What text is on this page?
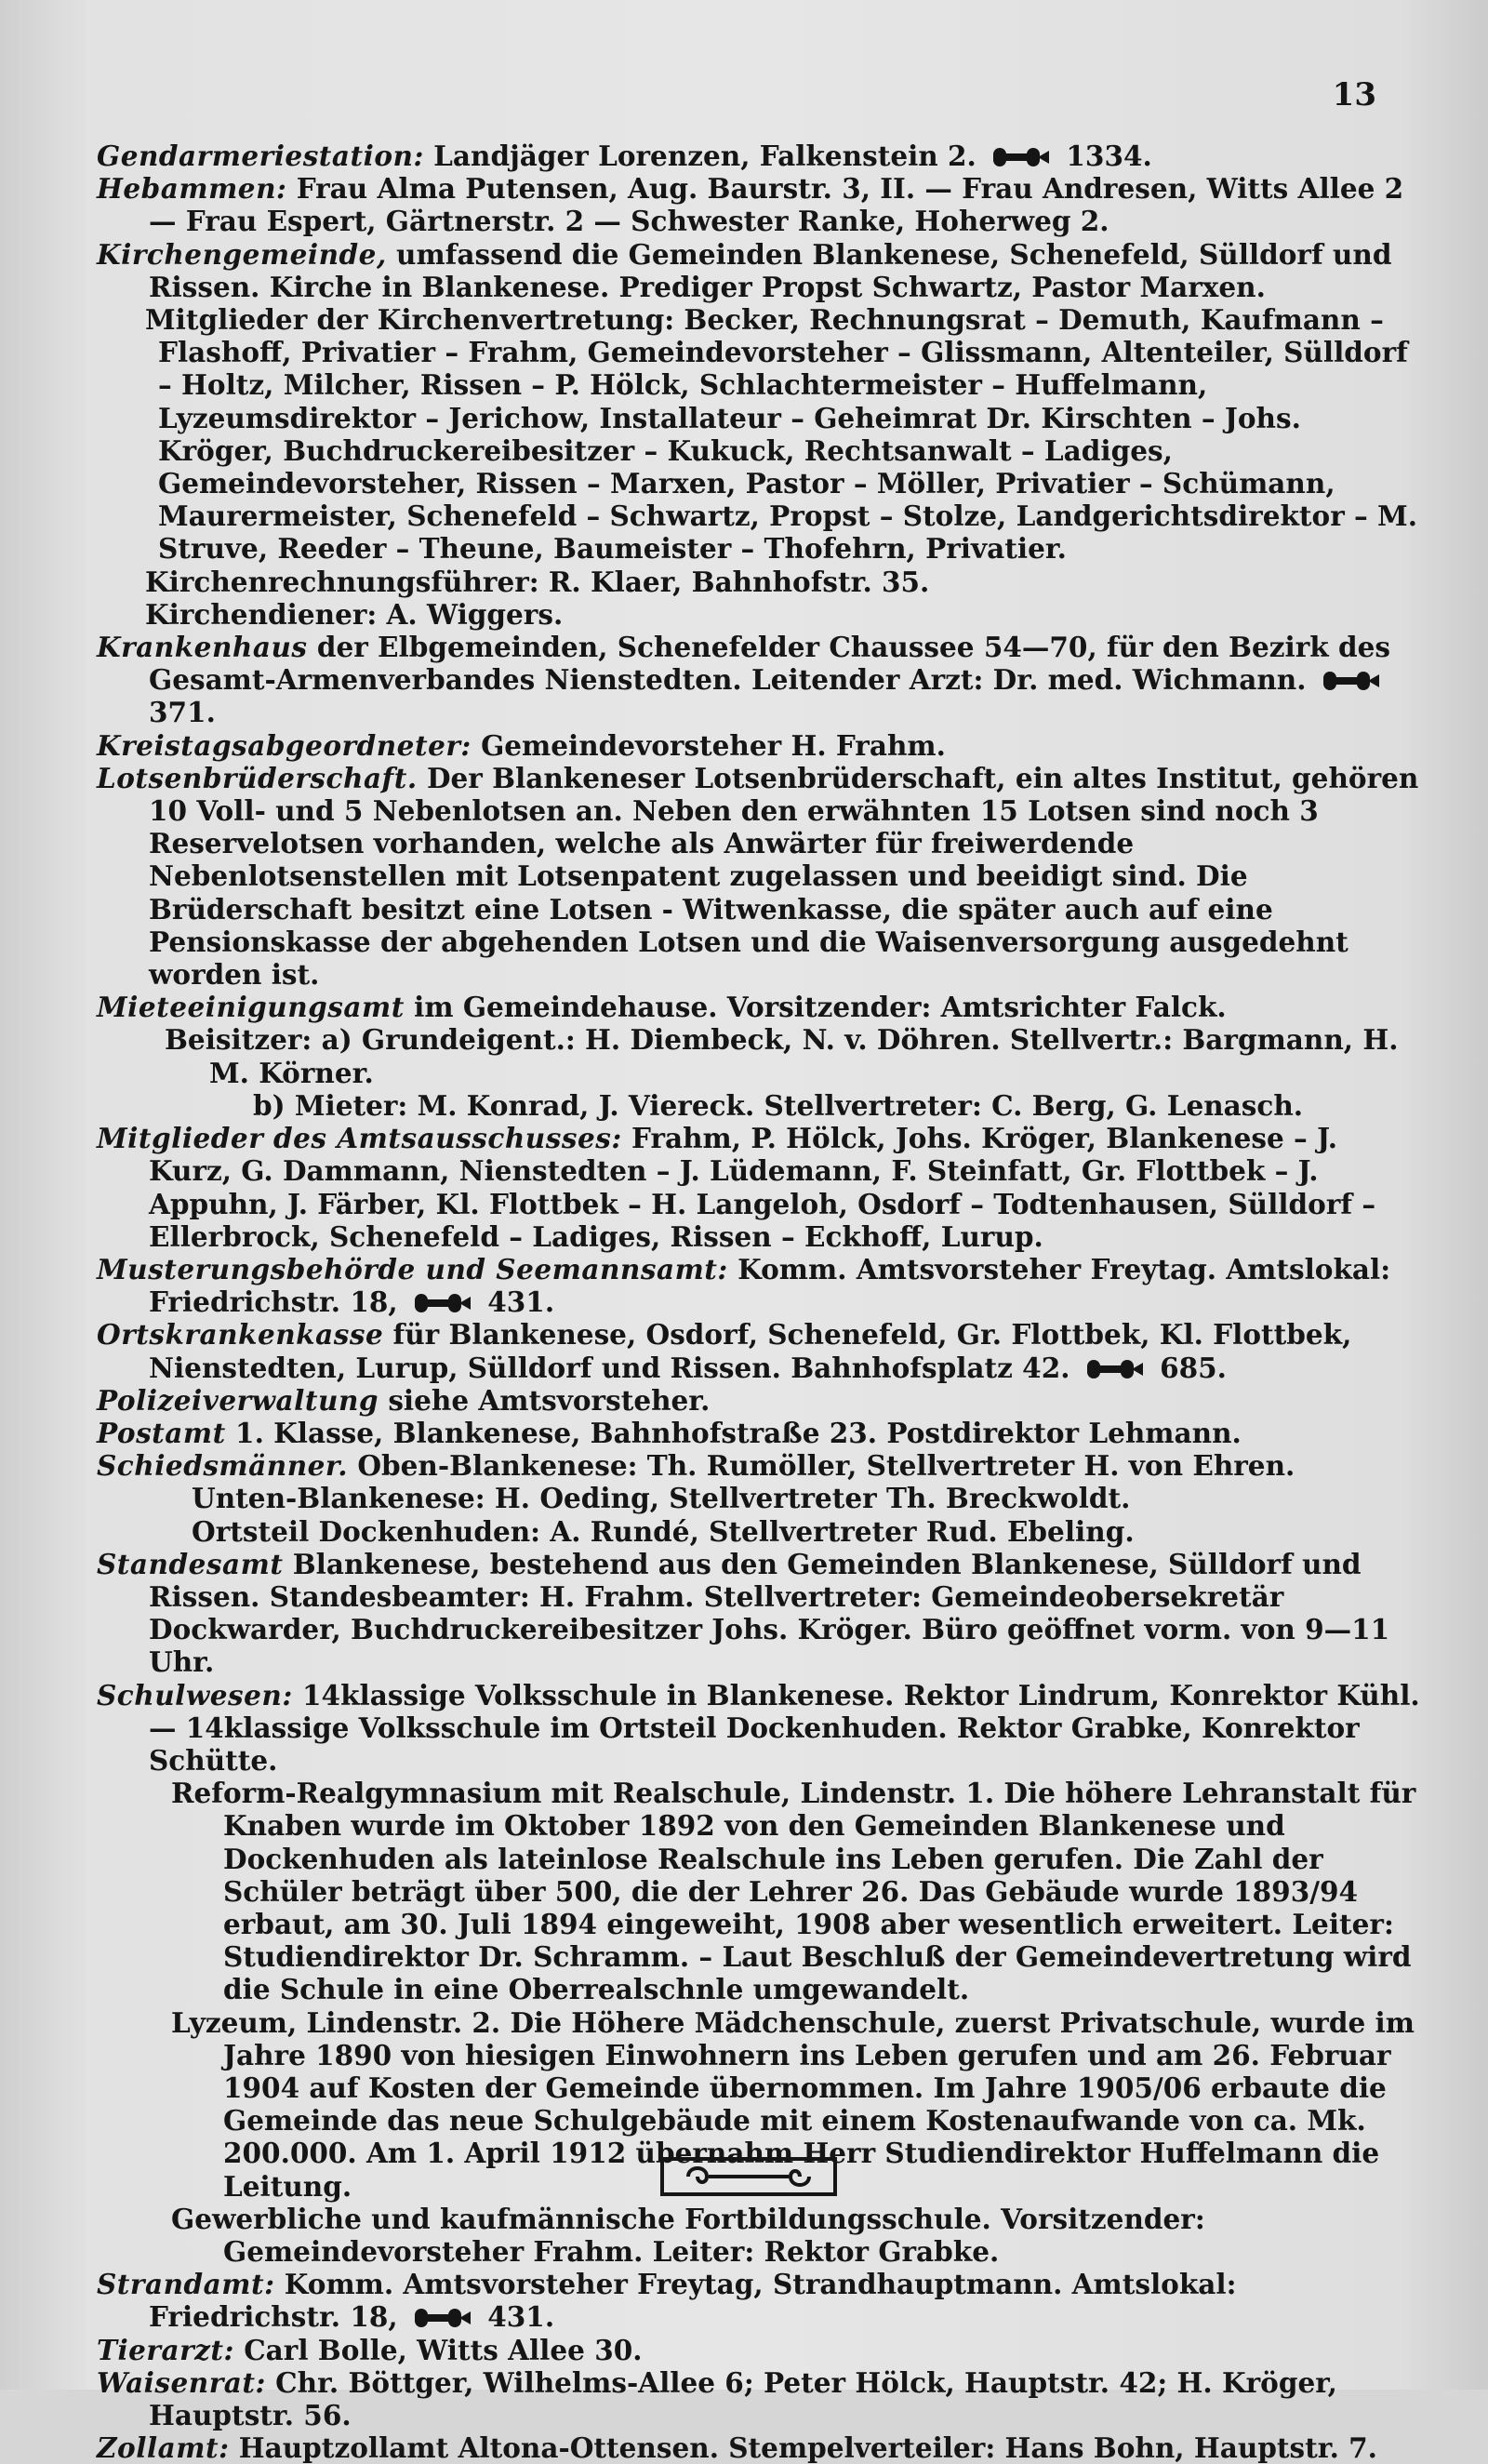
13

Gendarmeriestation: Landjäger Lorenzen, Falkenstein 2.	1334.

Hebammen: Frau Alma Putensen, Aug. Baurstr. 3, II. — Frau Andresen, Witts Allee 2 — Frau Espert, Gärtnerstr. 2 — Schwester Ranke, Hoherweg 2.

Kirchengemeinde, umfassend die Gemeinden Blankenese, Schenefeld, Sülldorf und Rissen. Kirche in Blankenese. Prediger Propst Schwartz, Pastor Marxen.

Mitglieder der Kirchenvertretung: Becker, Rechnungsrat – Demuth, Kaufmann – Flashoff, Privatier – Frahm, Gemeindevorsteher – Glissmann, Altenteiler, Sülldorf – Holtz, Milcher, Rissen – P. Hölck, Schlachtermeister – Huffelmann, Lyzeumsdirektor – Jerichow, Installateur – Geheimrat Dr. Kirschten – Johs. Kröger, Buchdruckereibesitzer – Kukuck, Rechtsanwalt – Ladiges, Gemeindevorsteher, Rissen – Marxen, Pastor – Möller, Privatier – Schümann, Maurermeister, Schenefeld – Schwartz, Propst – Stolze, Landgerichtsdirektor – M. Struve, Reeder – Theune, Baumeister – Thofehrn, Privatier.

Kirchenrechnungsführer: R. Klaer, Bahnhofstr. 35.

Kirchendiener: A. Wiggers.

Krankenhaus der Elbgemeinden, Schenefelder Chaussee 54—70, für den Bezirk des Gesamt-Armenverbandes Nienstedten. Leitender Arzt: Dr. med. Wichmann.
371.

Kreistagsabgeordneter: Gemeindevorsteher H. Frahm.

Lotsenbrüderschaft. Der Blankeneser Lotsenbrüderschaft, ein altes Institut, gehören 10 Voll- und 5 Nebenlotsen an. Neben den erwähnten 15 Lotsen sind noch 3 Reservelotsen vorhanden, welche als Anwärter für freiwerdende Nebenlotsenstellen mit Lotsenpatent zugelassen und beeidigt sind. Die Brüderschaft besitzt eine Lotsen - Witwenkasse, die später auch auf eine Pensionskasse der abgehenden Lotsen und die Waisenversorgung ausgedehnt worden ist.

Mieteeinigungsamt im Gemeindehause. Vorsitzender: Amtsrichter Falck.

Beisitzer: a) Grundeigent.: H. Diembeck, N. v. Döhren. Stellvertr.: Bargmann, H. M. Körner.

b) Mieter: M. Konrad, J. Viereck. Stellvertreter: C. Berg, G. Lenasch.

Mitglieder des Amtsausschusses: Frahm, P. Hölck, Johs. Kröger, Blankenese – J. Kurz, G. Dammann, Nienstedten – J. Lüdemann, F. Steinfatt, Gr. Flottbek – J. Appuhn, J. Färber, Kl. Flottbek – H. Langeloh, Osdorf – Todtenhausen, Sülldorf – Ellerbrock, Schenefeld – Ladiges, Rissen – Eckhoff, Lurup.

Musterungsbehörde und Seemannsamt: Komm. Amtsvorsteher Freytag. Amtslokal: Friedrichstr. 18,	431.

Ortskrankenkasse für Blankenese, Osdorf, Schenefeld, Gr. Flottbek, Kl. Flottbek, Nienstedten, Lurup, Sülldorf und Rissen. Bahnhofsplatz 42.	685.

Polizeiverwaltung siehe Amtsvorsteher.

Postamt 1. Klasse, Blankenese, Bahnhofstraße 23. Postdirektor Lehmann.

Schiedsmänner. Oben-Blankenese: Th. Rumöller, Stellvertreter H. von Ehren.

Unten-Blankenese: H. Oeding, Stellvertreter Th. Breckwoldt.

Ortsteil Dockenhuden: A. Rundé, Stellvertreter Rud. Ebeling.

Standesamt Blankenese, bestehend aus den Gemeinden Blankenese, Sülldorf und Rissen. Standesbeamter: H. Frahm. Stellvertreter: Gemeindeobersekretär Dockwarder, Buchdruckereibesitzer Johs. Kröger. Büro geöffnet vorm. von 9—11 Uhr.

Schulwesen: 14klassige Volksschule in Blankenese. Rektor Lindrum, Konrektor Kühl. — 14klassige Volksschule im Ortsteil Dockenhuden. Rektor Grabke, Konrektor Schütte.

Reform-Realgymnasium mit Realschule, Lindenstr. 1. Die höhere Lehranstalt für Knaben wurde im Oktober 1892 von den Gemeinden Blankenese und Dockenhuden als lateinlose Realschule ins Leben gerufen. Die Zahl der Schüler beträgt über 500, die der Lehrer 26. Das Gebäude wurde 1893/94 erbaut, am 30. Juli 1894 eingeweiht, 1908 aber wesentlich erweitert. Leiter: Studiendirektor Dr. Schramm. – Laut Beschluß der Gemeindevertretung wird die Schule in eine Oberrealschnle umgewandelt.

Lyzeum, Lindenstr. 2. Die Höhere Mädchenschule, zuerst Privatschule, wurde im Jahre 1890 von hiesigen Einwohnern ins Leben gerufen und am 26. Februar 1904 auf Kosten der Gemeinde übernommen. Im Jahre 1905/06 erbaute die Gemeinde das neue Schulgebäude mit einem Kostenaufwande von ca. Mk. 200.000. Am 1. April 1912 übernahm Herr Studiendirektor Huffelmann die Leitung.

Gewerbliche und kaufmännische Fortbildungsschule. Vorsitzender: Gemeindevorsteher Frahm. Leiter: Rektor Grabke.

Strandamt: Komm. Amtsvorsteher Freytag, Strandhauptmann. Amtslokal: Friedrichstr. 18,	431.

Tierarzt: Carl Bolle, Witts Allee 30.

Waisenrat: Chr. Böttger, Wilhelms-Allee 6; Peter Hölck, Hauptstr. 42; H. Kröger, Hauptstr. 56.

Zollamt: Hauptzollamt Altona-Ottensen. Stempelverteiler: Hans Bohn, Hauptstr. 7.
